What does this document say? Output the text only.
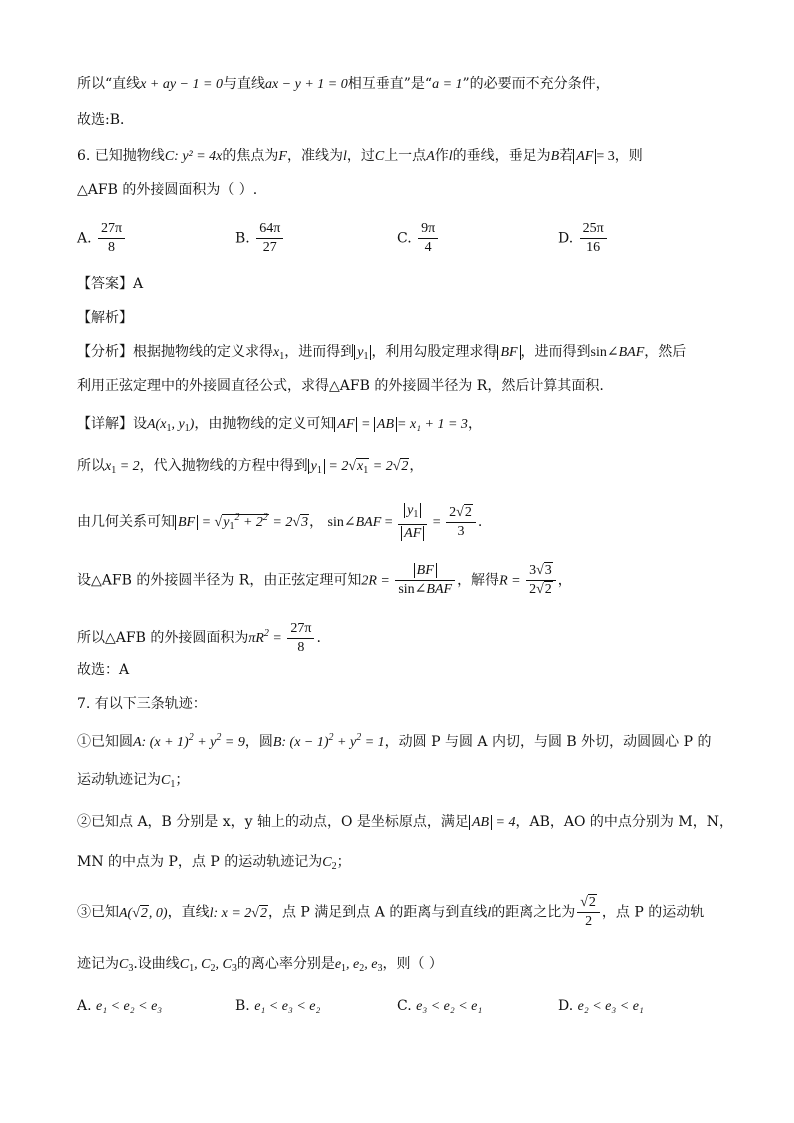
所以“直线x + ay − 1 = 0与直线ax − y + 1 = 0相互垂直”是“a = 1”的必要而不充分条件，
故选:B．
6. 已知抛物线C: y² = 4x的焦点为F，准线为l，过C上一点A作l的垂线，垂足为B若 AF = 3，则
△AFB 的外接圆面积为（ ）.
A. $\frac{27\pi}{8}$	B. $\frac{64\pi}{27}$	C. $\frac{9\pi}{4}$	D. $\frac{25\pi}{16}$
【答案】A
【解析】
【分析】根据抛物线的定义求得$x_1$，进而得到 $y_1$ ，利用勾股定理求得 BF ，进而得到sin∠BAF，然后
利用正弦定理中的外接圆直径公式，求得△AFB 的外接圆半径为 R，然后计算其面积.
【详解】设$A(x_1$, $y_1$)，由抛物线的定义可知 AF = AB = x₁ + 1 = 3，
所以$x_1 = 2$，代入抛物线的方程中得到 $y_1 = 2√x_1 = 2√2$，
由几何关系可知 BF = $√y_1^2 + 2^2 = 2√3$， sin∠BAF = $\frac{y_1}{AF} = \frac{2√2}{3}$ .
设△AFB 的外接圆半径为 R，由正弦定理可知$2R = \frac{BF}{\text{sin∠BAF}}$ ，解得$R = \frac{3√3}{2√2}$ ，
所以△AFB 的外接圆面积为$\pi R^2 = \frac{27\pi}{8}$ .
故选：A
7. 有以下三条轨迹：
①已知圆A: $(x + 1)^2 + y^2 = 9$，圆B: $(x - 1)^2 + y^2 = 1$，动圆 P 与圆 A 内切，与圆 B 外切，动圆圆心 P 的
运动轨迹记为$C_1$；
②已知点 A，B 分别是 x，y 轴上的动点，O 是坐标原点，满足 AB = 4，AB，AO 的中点分别为 M，N，
MN 的中点为 P，点 P 的运动轨迹记为$C_2$；
③已知A(√2, 0)，直线l: x = 2√2，点 P 满足到点 A 的距离与到直线l的距离之比为 $\frac{√2}{2}$ ，点 P 的运动轨
迹记为$C_3$.设曲线$C_1$, $C_2$, $C_3$的离心率分别是$e_1$, $e_2$, $e_3$，则（ ）
A. e₁ < e₂ < e₃	B. e₁ < e₃ < e₂	C. e₃ < e₂ < e₁	D. e₂ < e₃ < e₁
